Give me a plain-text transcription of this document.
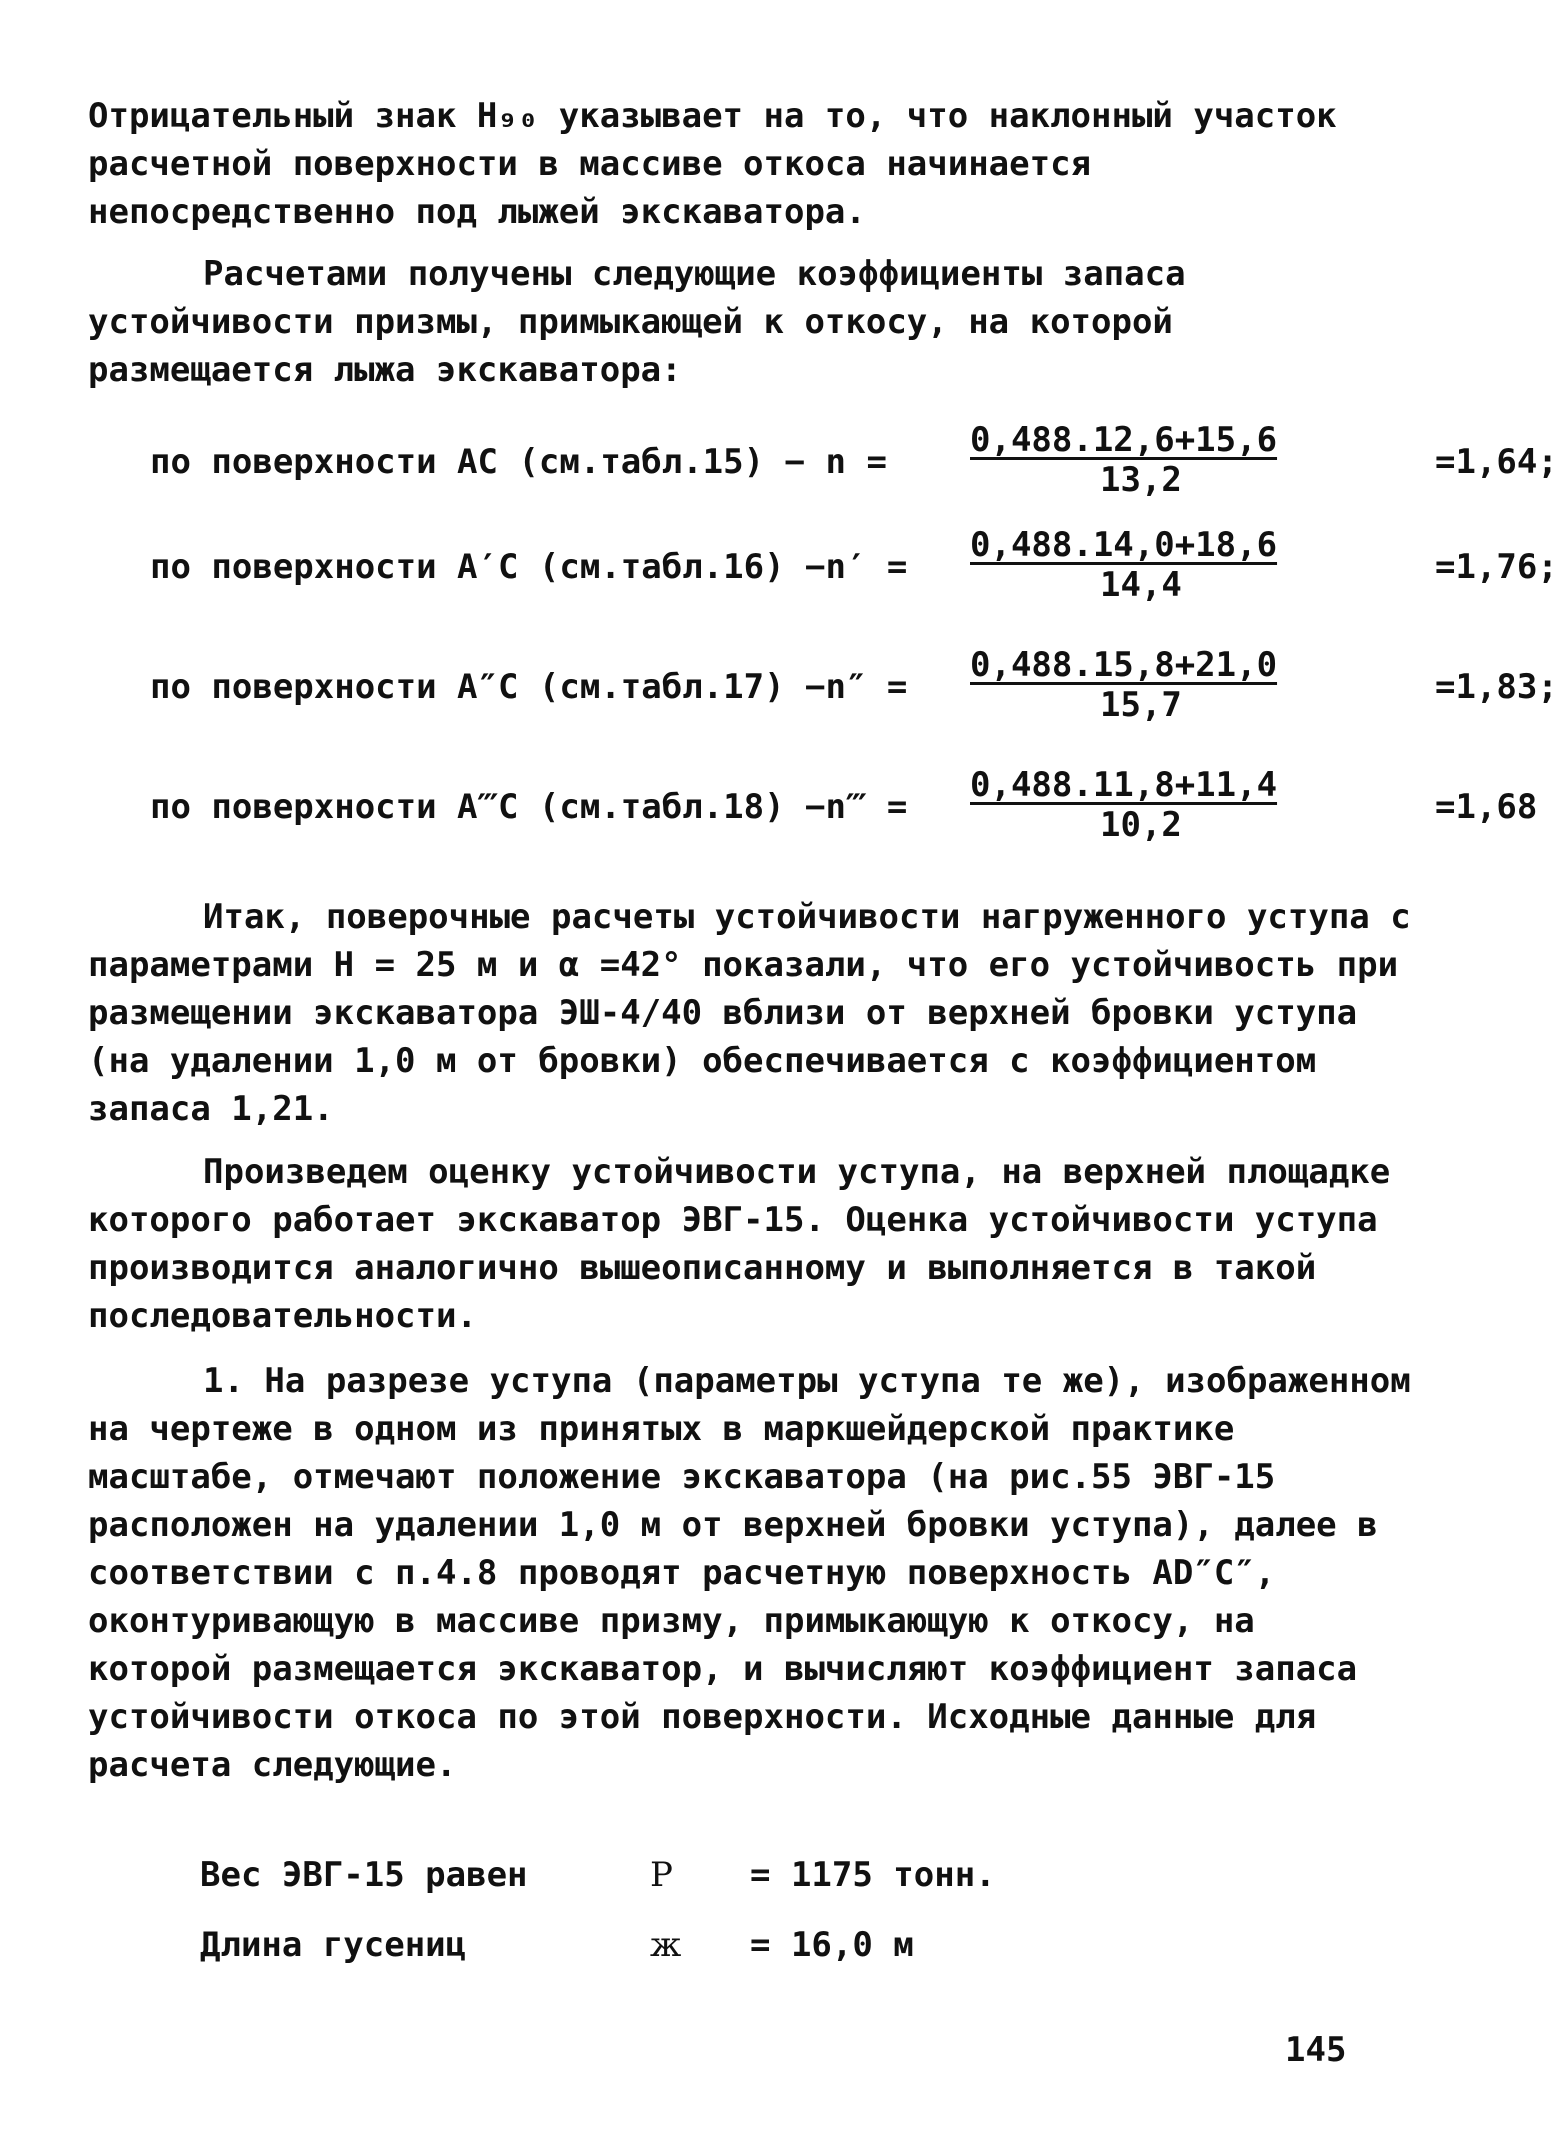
Отрицательный знак H₉₀ указывает на то, что наклонный участок расчетной поверхности в массиве откоса начинается непосредственно под лыжей экскаватора.

Расчетами получены следующие коэффициенты запаса устойчивости призмы, примыкающей к откосу, на которой размещается лыжа экскаватора:

по поверхности АС (см.табл.15) − $n = \frac{0,488.12,6+15,6}{13,2} =1,64$;
по поверхности А′С (см.табл.16) $-n' = \frac{0,488.14,0+18,6}{14,4} =1,76$;
по поверхности А″С (см.табл.17) $-n'' = \frac{0,488.15,8+21,0}{15,7} =1,83$;
по поверхности А‴С (см.табл.18) −n‴ = $\frac{0,488.11,8+11,4}{10,2} =1,68$

Итак, поверочные расчеты устойчивости нагруженного уступа с параметрами Н = 25 м и α =42° показали, что его устойчивость при размещении экскаватора ЭШ-4/40 вблизи от верхней бровки уступа (на удалении 1,0 м от бровки) обеспечивается с коэффициентом запаса 1,21.

Произведем оценку устойчивости уступа, на верхней площадке которого работает экскаватор ЭВГ-15. Оценка устойчивости уступа производится аналогично вышеописанному и выполняется в такой последовательности.

1. На разрезе уступа (параметры уступа те же), изображенном на чертеже в одном из принятых в маркшейдерской практике масштабе, отмечают положение экскаватора (на рис.55 ЭВГ-15 расположен на удалении 1,0 м от верхней бровки уступа), далее в соответствии с п.4.8 проводят расчетную поверхность AD″C″, оконтуривающую в массиве призму, примыкающую к откосу, на которой размещается экскаватор, и вычисляют коэффициент запаса устойчивости откоса по этой поверхности. Исходные данные для расчета следующие.

Вес ЭВГ-15 равен	P = 1175 тонн.
Длина гусениц	ж = 16,0 м
145
